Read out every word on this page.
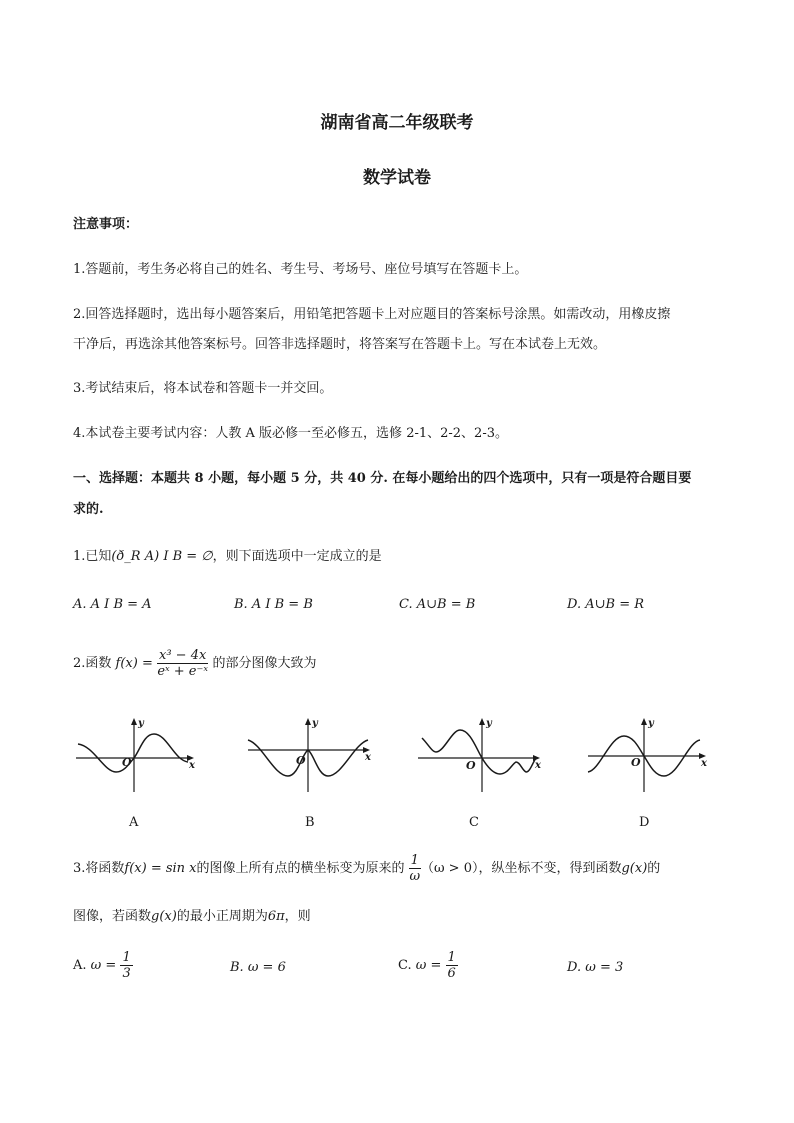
湖南省高二年级联考
数学试卷
注意事项：
1.答题前，考生务必将自己的姓名、考生号、考场号、座位号填写在答题卡上。
2.回答选择题时，选出每小题答案后，用铅笔把答题卡上对应题目的答案标号涂黑。如需改动，用橡皮擦
干净后，再选涂其他答案标号。回答非选择题时，将答案写在答题卡上。写在本试卷上无效。
3.考试结束后，将本试卷和答题卡一并交回。
4.本试卷主要考试内容：人教 A 版必修一至必修五，选修 2-1、2-2、2-3。
一、选择题：本题共 8 小题，每小题 5 分，共 40 分. 在每小题给出的四个选项中，只有一项是符合题目要
求的.
1.已知(ð_R A) I B = ∅，则下面选项中一定成立的是
A. A I B = A	B. A I B = B	C. A∪B = B	D. A∪B = R
2.函数 $f(x) = \frac{\text{x³ − 4x}}{\text{eˣ + e⁻ˣ}}$ 的部分图像大致为
y
x
O
y
x
O
y
x
O
y
x
O
A	B	C	D
3.将函数f(x) = sin x的图像上所有点的横坐标变为原来的 $\frac{1}{\omega} (\omega > 0)$，纵坐标不变，得到函数g(x)的
图像，若函数g(x)的最小正周期为6π，则
A. $\omega = \frac{1}{3}$	B. ω = 6	C. $\omega = \frac{1}{6}$	D. ω = 3
